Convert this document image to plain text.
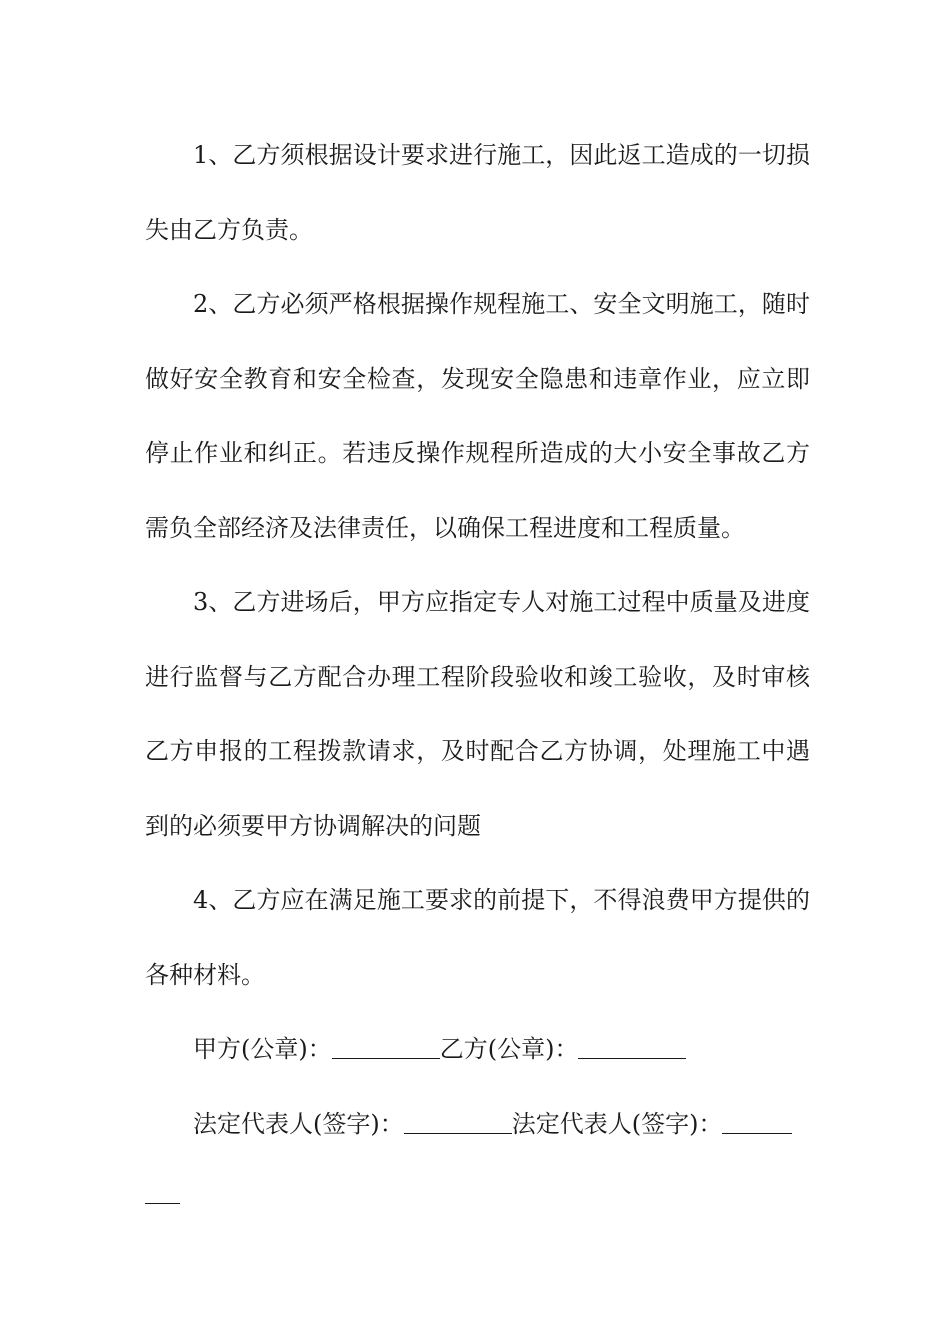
1、乙方须根据设计要求进行施工，因此返工造成的一切损失由乙方负责。

2、乙方必须严格根据操作规程施工、安全文明施工，随时做好安全教育和安全检查，发现安全隐患和违章作业，应立即停止作业和纠正。若违反操作规程所造成的大小安全事故乙方需负全部经济及法律责任，以确保工程进度和工程质量。

3、乙方进场后，甲方应指定专人对施工过程中质量及进度进行监督与乙方配合办理工程阶段验收和竣工验收，及时审核乙方申报的工程拨款请求，及时配合乙方协调，处理施工中遇到的必须要甲方协调解决的问题

4、乙方应在满足施工要求的前提下，不得浪费甲方提供的各种材料。

甲方(公章)：	乙方(公章)：

法定代表人(签字)：	法定代表人(签字)：
